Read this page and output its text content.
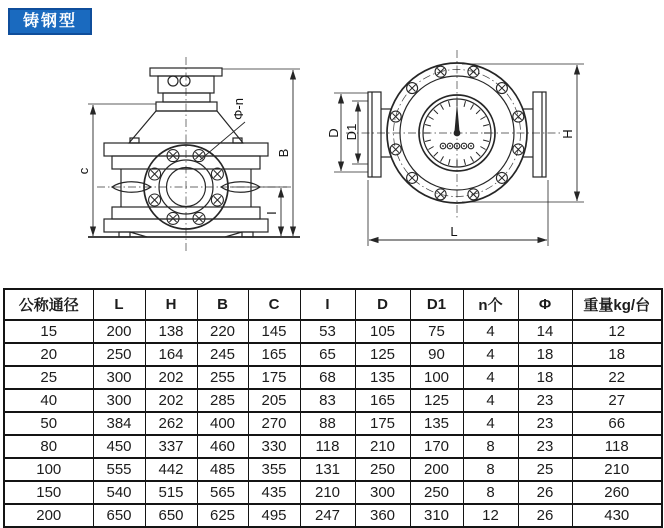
铸钢型
c
B
I
Φ-n
D D1	H
L
公称通径	L	H	B	C	I	D	D1	n个	Φ	重量kg/台
15	200	138	220	145	53	105	75	4	14	12
20	250	164	245	165	65	125	90	4	18	18
25	300	202	255	175	68	135	100	4	18	22
40	300	202	285	205	83	165	125	4	23	27
50	384	262	400	270	88	175	135	4	23	66
80	450	337	460	330	118	210	170	8	23	118
100	555	442	485	355	131	250	200	8	25	210
150	540	515	565	435	210	300	250	8	26	260
200	650	650	625	495	247	360	310	12	26	430
